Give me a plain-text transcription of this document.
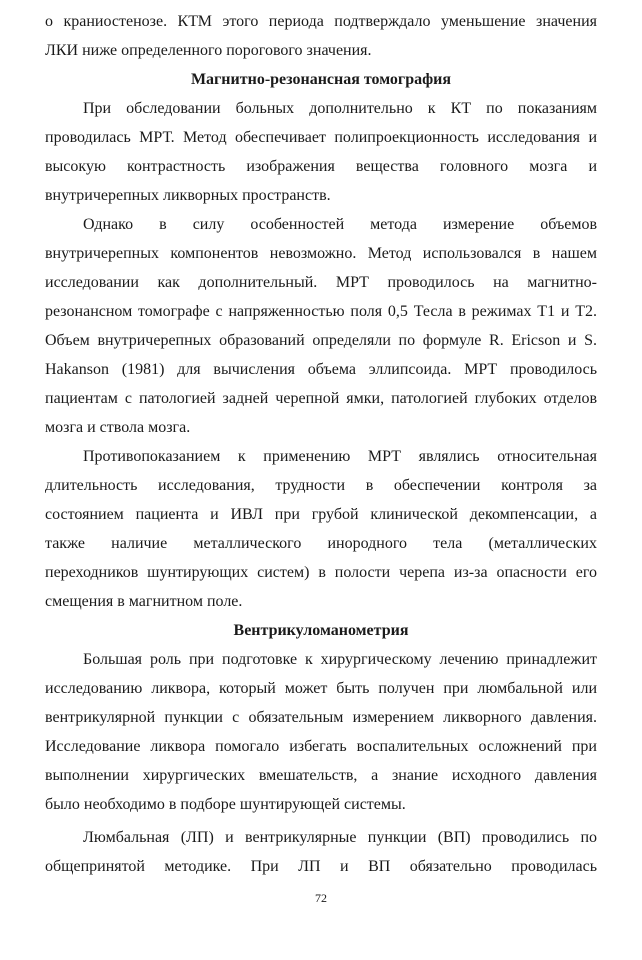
о краниостенозе. КТМ этого периода подтверждало уменьшение значения
ЛКИ ниже определенного порогового значения.
Магнитно-резонансная томография
При обследовании больных дополнительно к КТ по показаниям
проводилась МРТ. Метод обеспечивает полипроекционность исследования и
высокую контрастность изображения вещества головного мозга и
внутричерепных ликворных пространств.
Однако в силу особенностей метода измерение объемов
внутричерепных компонентов невозможно. Метод использовался в нашем
исследовании как дополнительный. МРТ проводилось на магнитно-
резонансном томографе с напряженностью поля 0,5 Тесла в режимах Т1 и Т2.
Объем внутричерепных образований определяли по формуле R. Ericson и S.
Hakanson (1981) для вычисления объема эллипсоида. МРТ проводилось
пациентам с патологией задней черепной ямки, патологией глубоких отделов
мозга и ствола мозга.
Противопоказанием к применению МРТ являлись относительная
длительность исследования, трудности в обеспечении контроля за
состоянием пациента и ИВЛ при грубой клинической декомпенсации, а
также наличие металлического инородного тела (металлических
переходников шунтирующих систем) в полости черепа из-за опасности его
смещения в магнитном поле.
Вентрикуломанометрия
Большая роль при подготовке к хирургическому лечению принадлежит
исследованию ликвора, который может быть получен при люмбальной или
вентрикулярной пункции с обязательным измерением ликворного давления.
Исследование ликвора помогало избегать воспалительных осложнений при
выполнении хирургических вмешательств, а знание исходного давления
было необходимо в подборе шунтирующей системы.
Люмбальная (ЛП) и вентрикулярные пункции (ВП) проводились по
общепринятой методике. При ЛП и ВП обязательно проводилась
72
